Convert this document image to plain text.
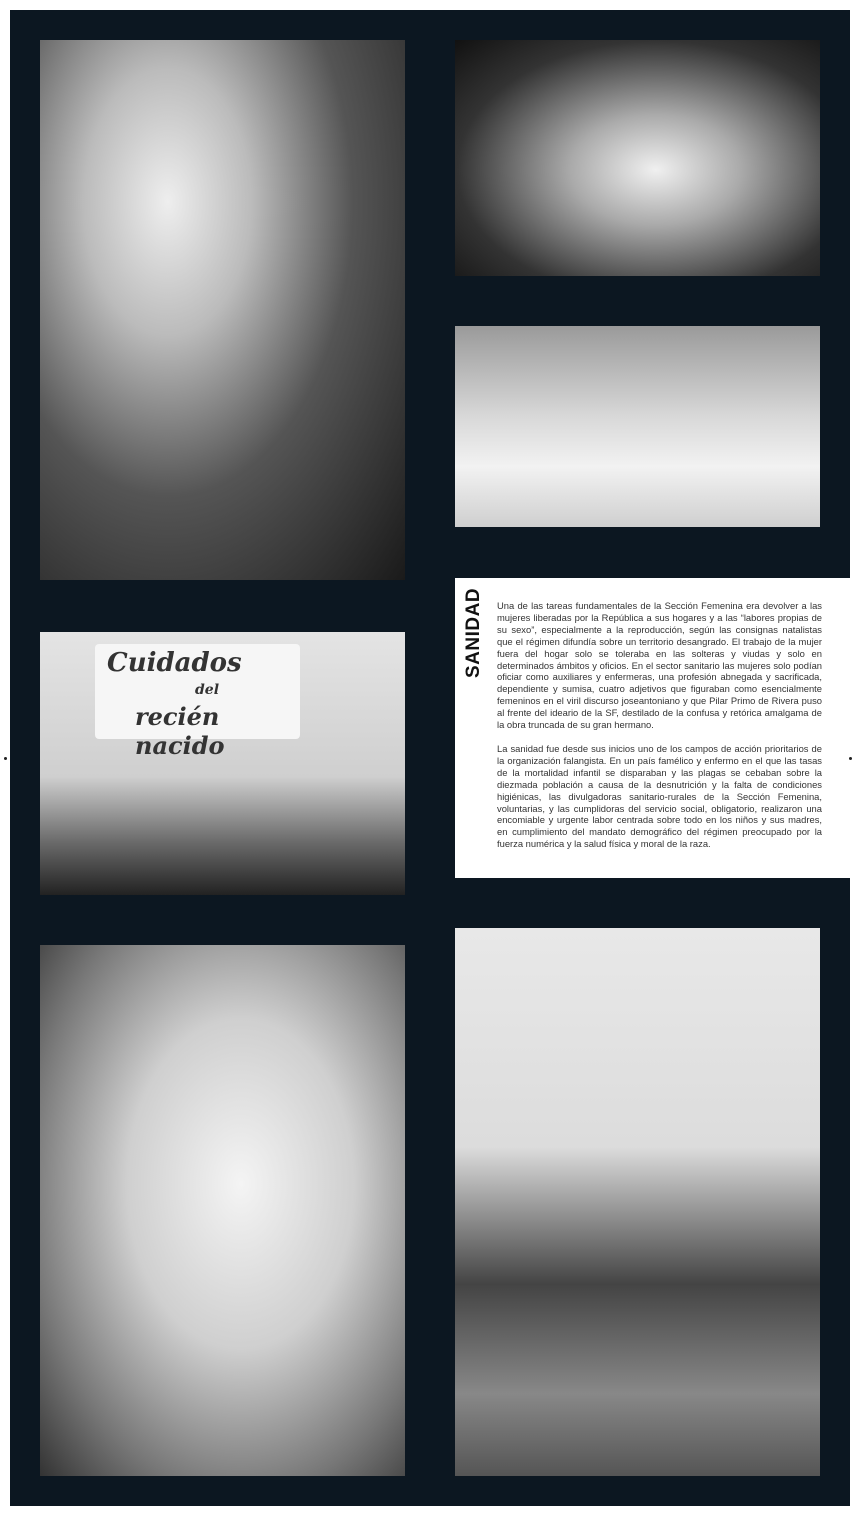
Cuidados
del
recién nacido
SANIDAD Una de las tareas fundamentales de la Sección Femenina era devolver a las mujeres liberadas por la República a sus hogares y a las “labores propias de su sexo”, especialmente a la reproducción, según las consignas natalistas que el régimen difundía sobre un territorio desangrado. El trabajo de la mujer fuera del hogar solo se toleraba en las solteras y viudas y solo en determinados ámbitos y oficios. En el sector sanitario las mujeres solo podían oficiar como auxiliares y enfermeras, una profesión abnegada y sacrificada, dependiente y sumisa, cuatro adjetivos que figuraban como esencialmente femeninos en el viril discurso joseantoniano y que Pilar Primo de Rivera puso al frente del ideario de la SF, destilado de la confusa y retórica amalgama de la obra truncada de su gran hermano.

La sanidad fue desde sus inicios uno de los campos de acción prioritarios de la organización falangista. En un país famélico y enfermo en el que las tasas de la mortalidad infantil se disparaban y las plagas se cebaban sobre la diezmada población a causa de la desnutrición y la falta de condiciones higiénicas, las divulgadoras sanitario-rurales de la Sección Femenina, voluntarias, y las cumplidoras del servicio social, obligatorio, realizaron una encomiable y urgente labor centrada sobre todo en los niños y sus madres, en cumplimiento del mandato demográfico del régimen preocupado por la fuerza numérica y la salud física y moral de la raza.
